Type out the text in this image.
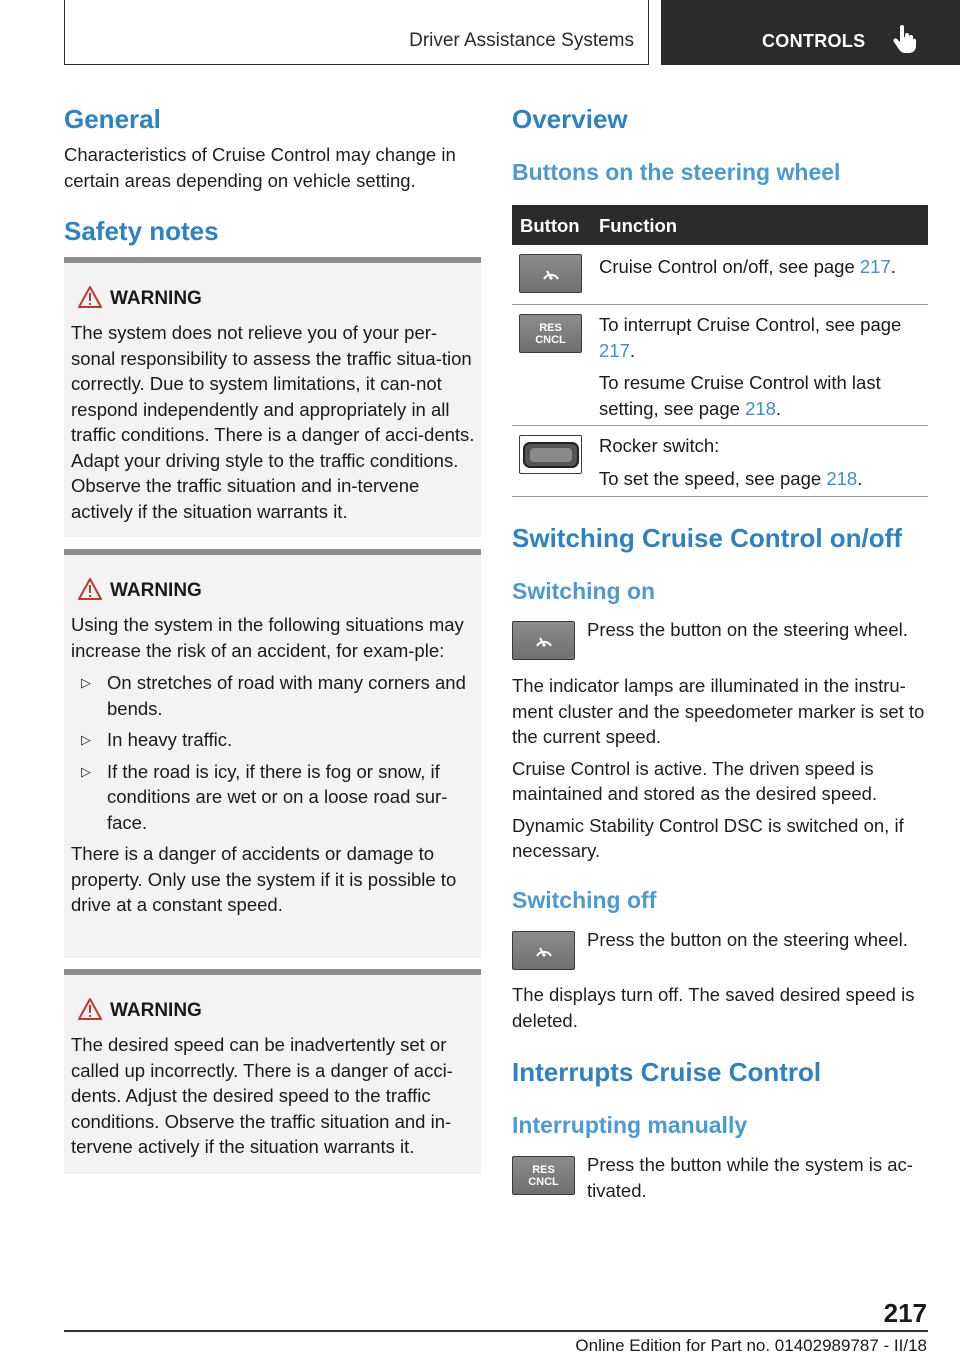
Driver Assistance Systems	CONTROLS
General
Characteristics of Cruise Control may change in certain areas depending on vehicle setting.
Safety notes
WARNING
The system does not relieve you of your per-sonal responsibility to assess the traffic situa-tion correctly. Due to system limitations, it can-not respond independently and appropriately in all traffic conditions. There is a danger of acci-dents. Adapt your driving style to the traffic conditions. Observe the traffic situation and in-tervene actively if the situation warrants it.
WARNING
Using the system in the following situations may increase the risk of an accident, for exam-ple:
▷ On stretches of road with many corners and bends.
▷ In heavy traffic.
▷ If the road is icy, if there is fog or snow, if conditions are wet or on a loose road sur-face.
There is a danger of accidents or damage to property. Only use the system if it is possible to drive at a constant speed.
WARNING
The desired speed can be inadvertently set or called up incorrectly. There is a danger of acci-dents. Adjust the desired speed to the traffic conditions. Observe the traffic situation and in-tervene actively if the situation warrants it.
Overview
Buttons on the steering wheel
Button Function
Cruise Control on/off, see page 217.
RES
CNCL

To interrupt Cruise Control, see page 217.

To resume Cruise Control with last setting, see page 218.

Rocker switch:

To set the speed, see page 218.

Switching Cruise Control on/off
Switching on
Press the button on the steering wheel.

The indicator lamps are illuminated in the instru-ment cluster and the speedometer marker is set to the current speed.

Cruise Control is active. The driven speed is maintained and stored as the desired speed.

Dynamic Stability Control DSC is switched on, if necessary.

Switching off
Press the button on the steering wheel.
The displays turn off. The saved desired speed is deleted.
Interrupts Cruise Control
Interrupting manually
RES
CNCL
Press the button while the system is ac-tivated.
217
Online Edition for Part no. 01402989787 - II/18
